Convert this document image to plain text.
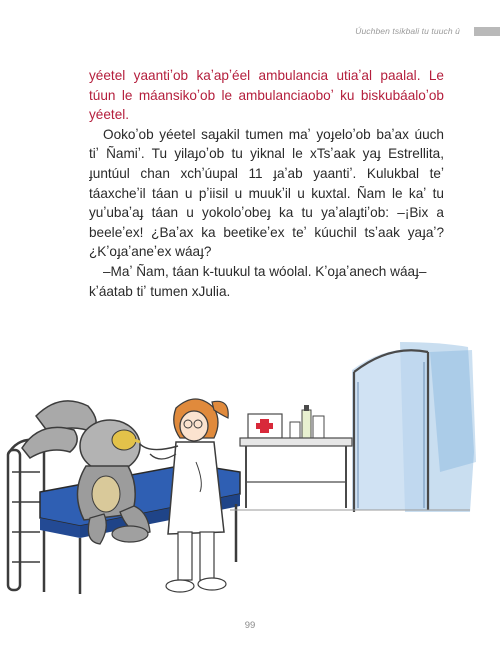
Úuchben tsikbali tu tuuch ú

yéetel yaantiʼob kaʼapʼéel ambulancia utiaʼal paalal. Le túun le máansikoʼob le ambulanciaoboʼ ku biskubáaloʼob yéetel.

Ookoʼob yéetel saɟakil tumen maʼ yoɟeloʼob baʼax úuch tiʼ Ñamiʼ. Tu yilaɟoʼob tu yiknal le xTsʼaak yaɟ Estrellita, ɟuntúul chan xchʼúupal 11 ɟaʼab yaantiʼ. Kulukbal teʼ táaxcheʼil táan u pʼiisil u muukʼil u kuxtal. Ñam le kaʼ tu yuʼubaʼaɟ táan u yokoloʼobeɟ ka tu yaʼalaɟtiʼob: –¡Bix a beeleʼex! ¿Baʼax ka beetikeʼex teʼ kúuchil tsʼaak yaɟaʼ? ¿Kʼoɟaʼaneʼex wáaɟ?

–Maʼ Ñam, táan k-tuukul ta wóolal. Kʼoɟaʼanech wáaɟ–kʼáatab tiʼ tumen xJulia.

+
99
